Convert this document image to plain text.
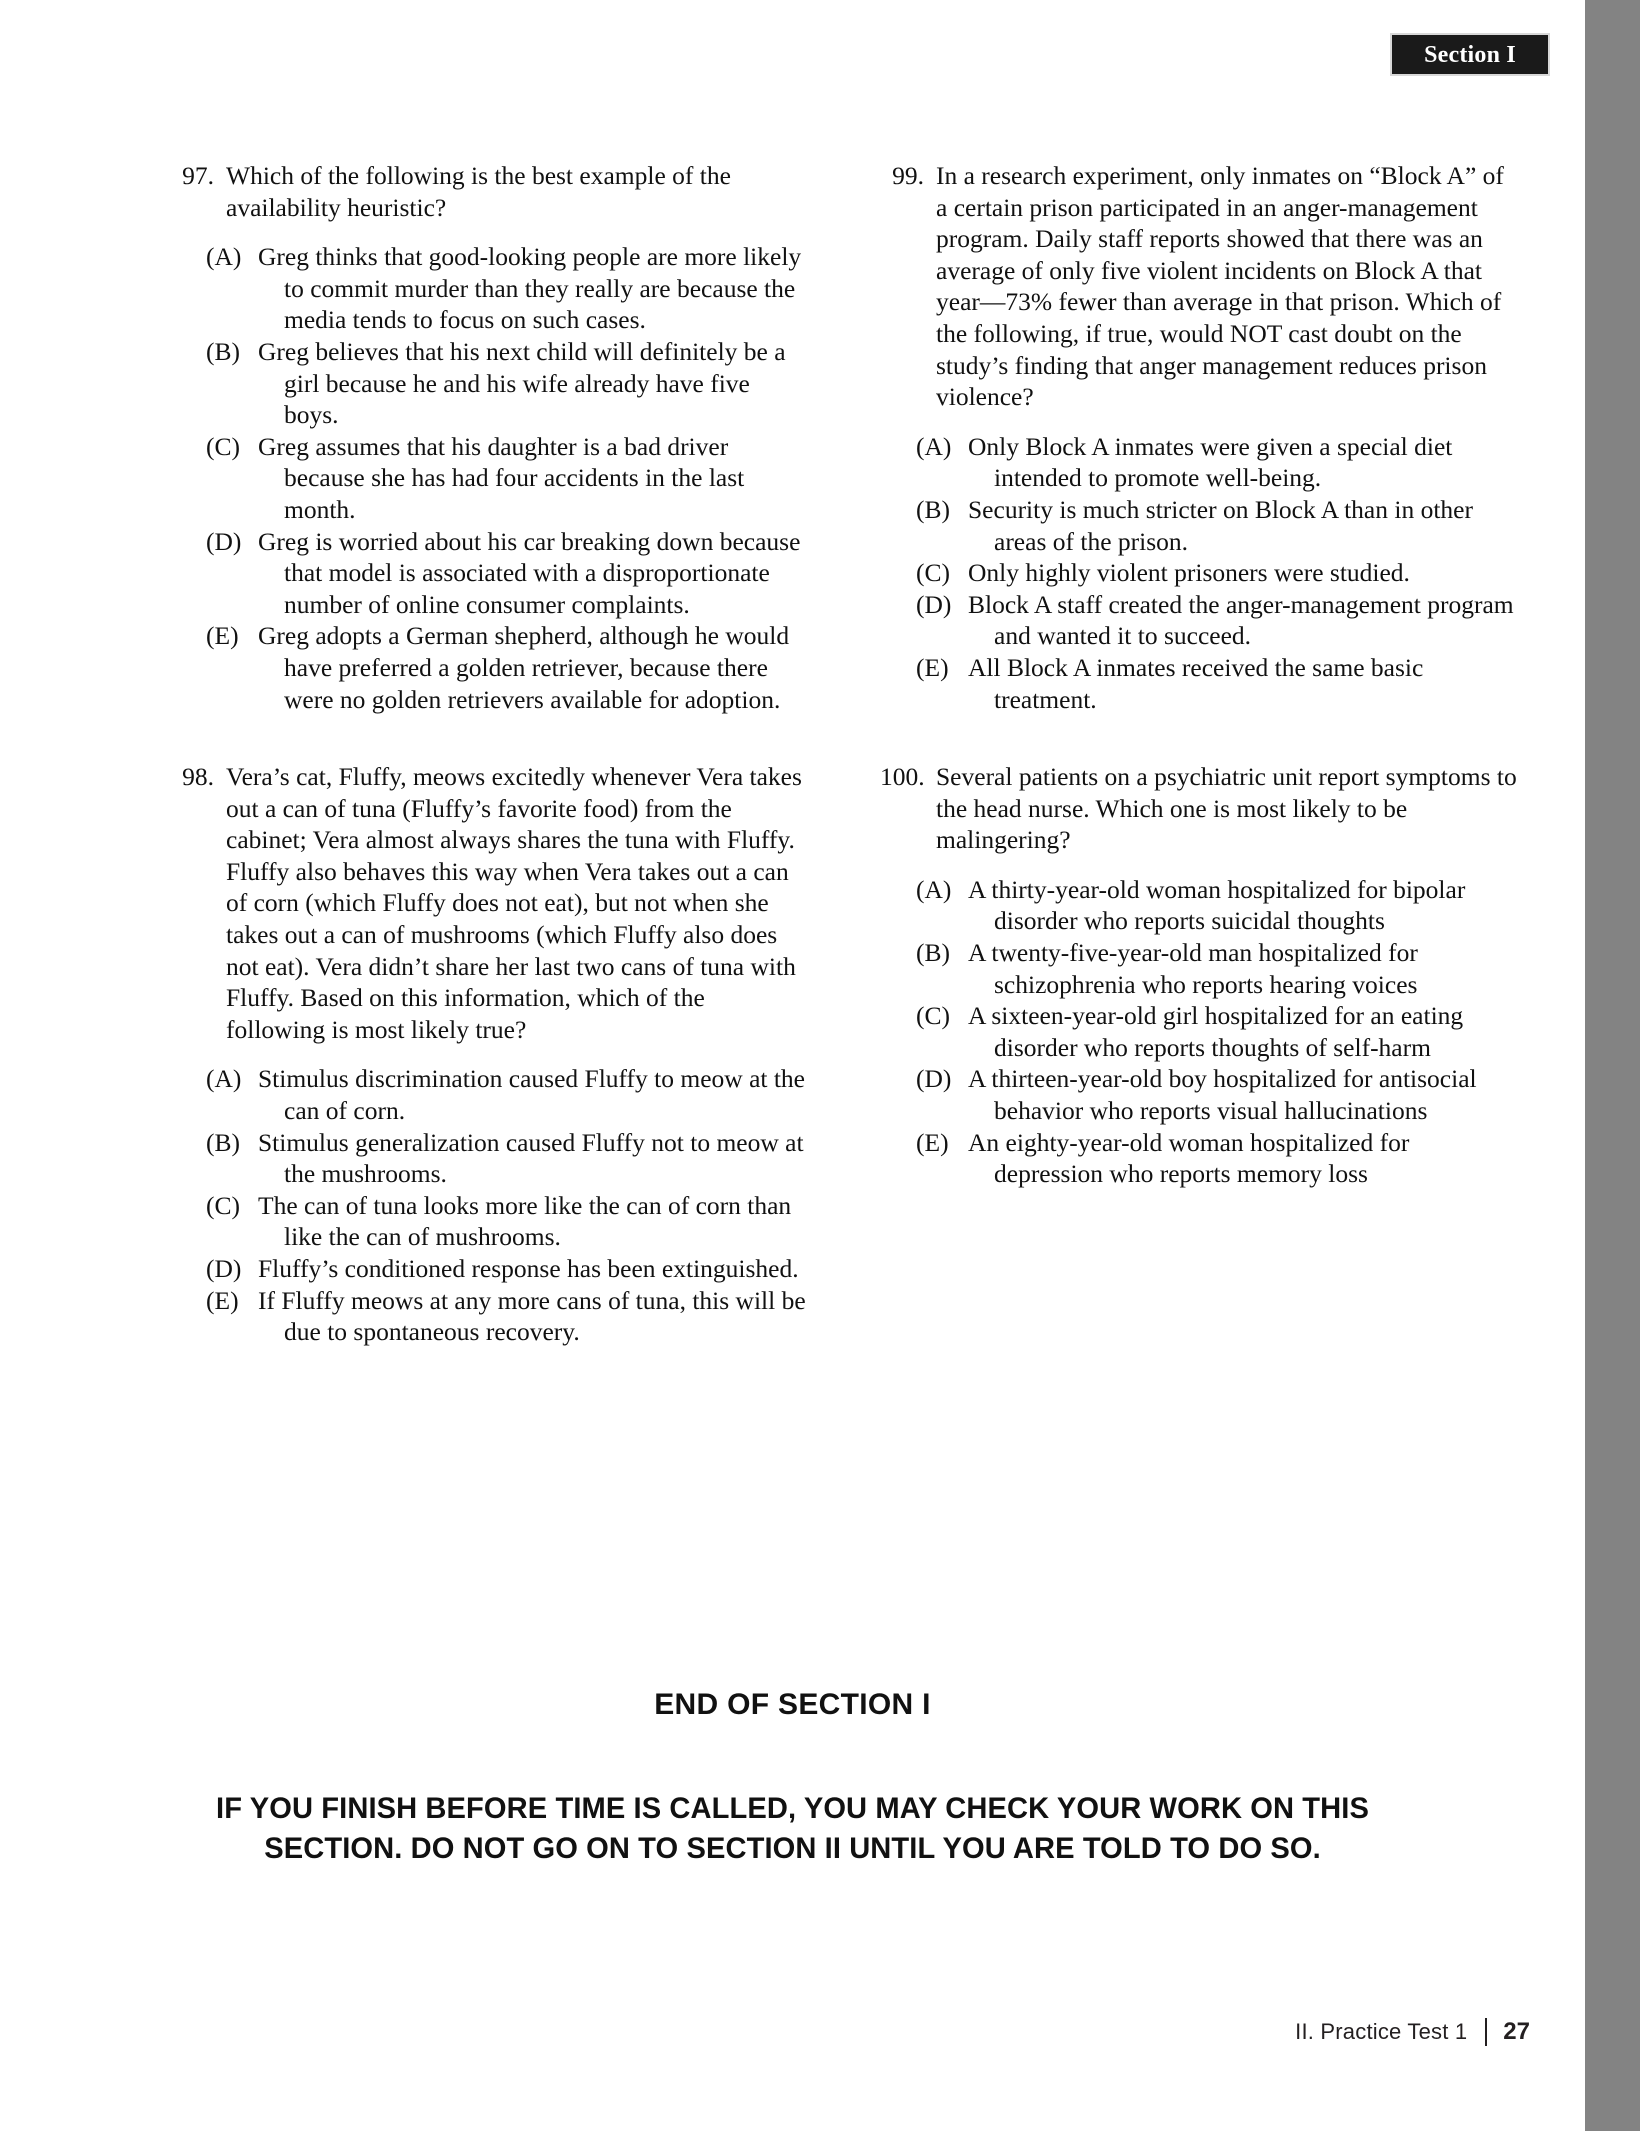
Section I
97. Which of the following is the best example of the availability heuristic?
(A) Greg thinks that good-looking people are more likely to commit murder than they really are because the media tends to focus on such cases.
(B) Greg believes that his next child will definitely be a girl because he and his wife already have five boys.
(C) Greg assumes that his daughter is a bad driver because she has had four accidents in the last month.
(D) Greg is worried about his car breaking down because that model is associated with a disproportionate number of online consumer complaints.
(E) Greg adopts a German shepherd, although he would have preferred a golden retriever, because there were no golden retrievers available for adoption.
98. Vera’s cat, Fluffy, meows excitedly whenever Vera takes out a can of tuna (Fluffy’s favorite food) from the cabinet; Vera almost always shares the tuna with Fluffy. Fluffy also behaves this way when Vera takes out a can of corn (which Fluffy does not eat), but not when she takes out a can of mushrooms (which Fluffy also does not eat). Vera didn’t share her last two cans of tuna with Fluffy. Based on this information, which of the following is most likely true?
(A) Stimulus discrimination caused Fluffy to meow at the can of corn.
(B) Stimulus generalization caused Fluffy not to meow at the mushrooms.
(C) The can of tuna looks more like the can of corn than like the can of mushrooms.
(D) Fluffy’s conditioned response has been extinguished.
(E) If Fluffy meows at any more cans of tuna, this will be due to spontaneous recovery.
99. In a research experiment, only inmates on “Block A” of a certain prison participated in an anger-management program. Daily staff reports showed that there was an average of only five violent incidents on Block A that year—73% fewer than average in that prison. Which of the following, if true, would NOT cast doubt on the study’s finding that anger management reduces prison violence?
(A) Only Block A inmates were given a special diet intended to promote well-being.
(B) Security is much stricter on Block A than in other areas of the prison.
(C) Only highly violent prisoners were studied.
(D) Block A staff created the anger-management program and wanted it to succeed.
(E) All Block A inmates received the same basic treatment.
100. Several patients on a psychiatric unit report symptoms to the head nurse. Which one is most likely to be malingering?
(A) A thirty-year-old woman hospitalized for bipolar disorder who reports suicidal thoughts
(B) A twenty-five-year-old man hospitalized for schizophrenia who reports hearing voices
(C) A sixteen-year-old girl hospitalized for an eating disorder who reports thoughts of self-harm
(D) A thirteen-year-old boy hospitalized for antisocial behavior who reports visual hallucinations
(E) An eighty-year-old woman hospitalized for depression who reports memory loss
END OF SECTION I
IF YOU FINISH BEFORE TIME IS CALLED, YOU MAY CHECK YOUR WORK ON THIS
SECTION. DO NOT GO ON TO SECTION II UNTIL YOU ARE TOLD TO DO SO.
II. Practice Test 1 27
